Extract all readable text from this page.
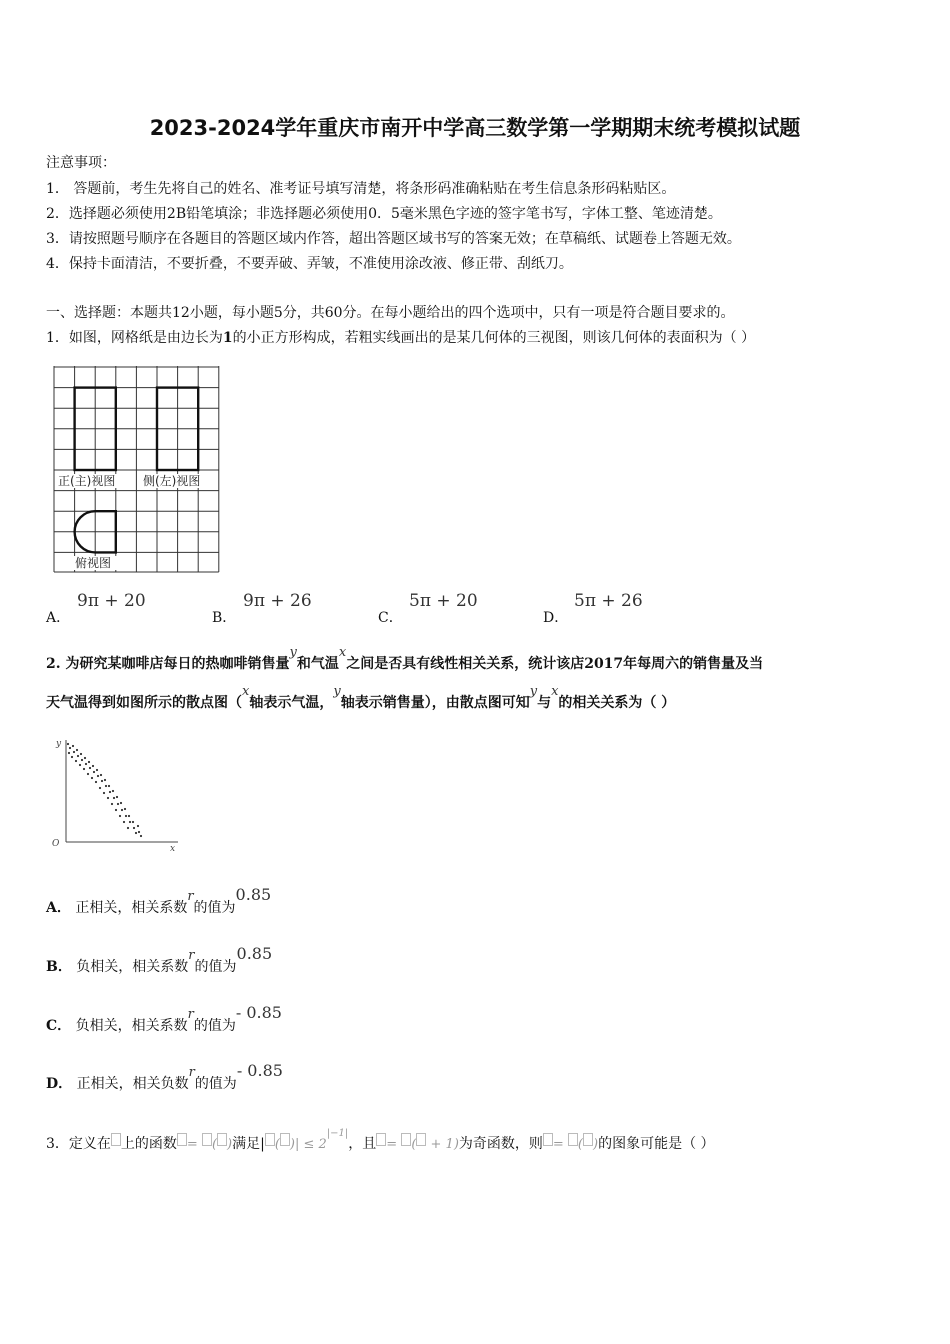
2023-2024学年重庆市南开中学高三数学第一学期期末统考模拟试题
注意事项：
1． 答题前，考生先将自己的姓名、准考证号填写清楚，将条形码准确粘贴在考生信息条形码粘贴区。
2．选择题必须使用2B铅笔填涂；非选择题必须使用0．5毫米黑色字迹的签字笔书写，字体工整、笔迹清楚。
3．请按照题号顺序在各题目的答题区域内作答，超出答题区域书写的答案无效；在草稿纸、试题卷上答题无效。
4．保持卡面清洁，不要折叠，不要弄破、弄皱，不准使用涂改液、修正带、刮纸刀。
一、选择题：本题共12小题，每小题5分，共60分。在每小题给出的四个选项中，只有一项是符合题目要求的。
1．如图，网格纸是由边长为1的小正方形构成，若粗实线画出的是某几何体的三视图，则该几何体的表面积为（ ）
正(主)视图 侧(左)视图
俯视图
A．
9π + 20
B．
9π + 26
C．
5π + 20
D．
5π + 26
2. 为研究某咖啡店每日的热咖啡销售量y和气温x之间是否具有线性相关关系，统计该店2017年每周六的销售量及当
天气温得到如图所示的散点图（x轴表示气温，y轴表示销售量），由散点图可知y与x的相关关系为（ ）
y
x
O
A． 正相关，相关系数r的值为0.85
B． 负相关，相关系数r的值为0.85
C． 负相关，相关系数r的值为- 0.85
D． 正相关，相关负数r的值为- 0.85
3．定义在 上的函数 = ( )满足| ( )| ≤ $2^{|-1|}$，且 = ( + 1)为奇函数，则 = ( )的图象可能是（ ）
